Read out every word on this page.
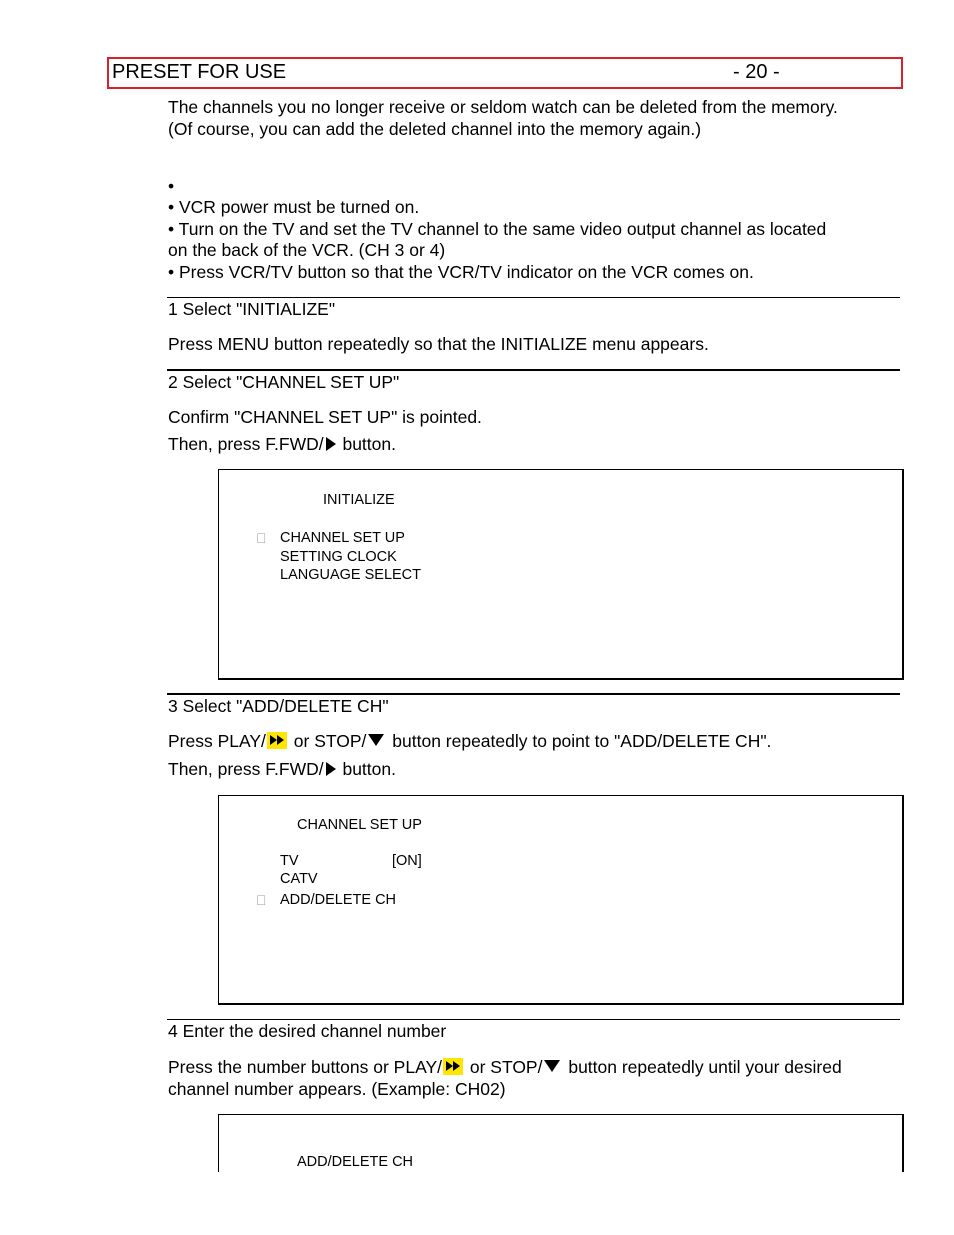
PRESET FOR USE	- 20 -
The channels you no longer receive or seldom watch can be deleted from the memory.
(Of course, you can add the deleted channel into the memory again.)
•
• VCR power must be turned on.
• Turn on the TV and set the TV channel to the same video output channel as located
on the back of the VCR. (CH 3 or 4)
• Press VCR/TV button so that the VCR/TV indicator on the VCR comes on.
1 Select "INITIALIZE"
Press MENU button repeatedly so that the INITIALIZE menu appears.
2 Select "CHANNEL SET UP"
Confirm "CHANNEL SET UP" is pointed.
Then, press F.FWD/ button.
INITIALIZE
CHANNEL SET UP
SETTING CLOCK
LANGUAGE SELECT
3 Select "ADD/DELETE CH"
Press PLAY/ or STOP/ button repeatedly to point to "ADD/DELETE CH".
Then, press F.FWD/ button.
CHANNEL SET UP
TV	[ON]
CATV
ADD/DELETE CH
4 Enter the desired channel number
Press the number buttons or PLAY/ or STOP/ button repeatedly until your desired
channel number appears. (Example: CH02)
ADD/DELETE CH
